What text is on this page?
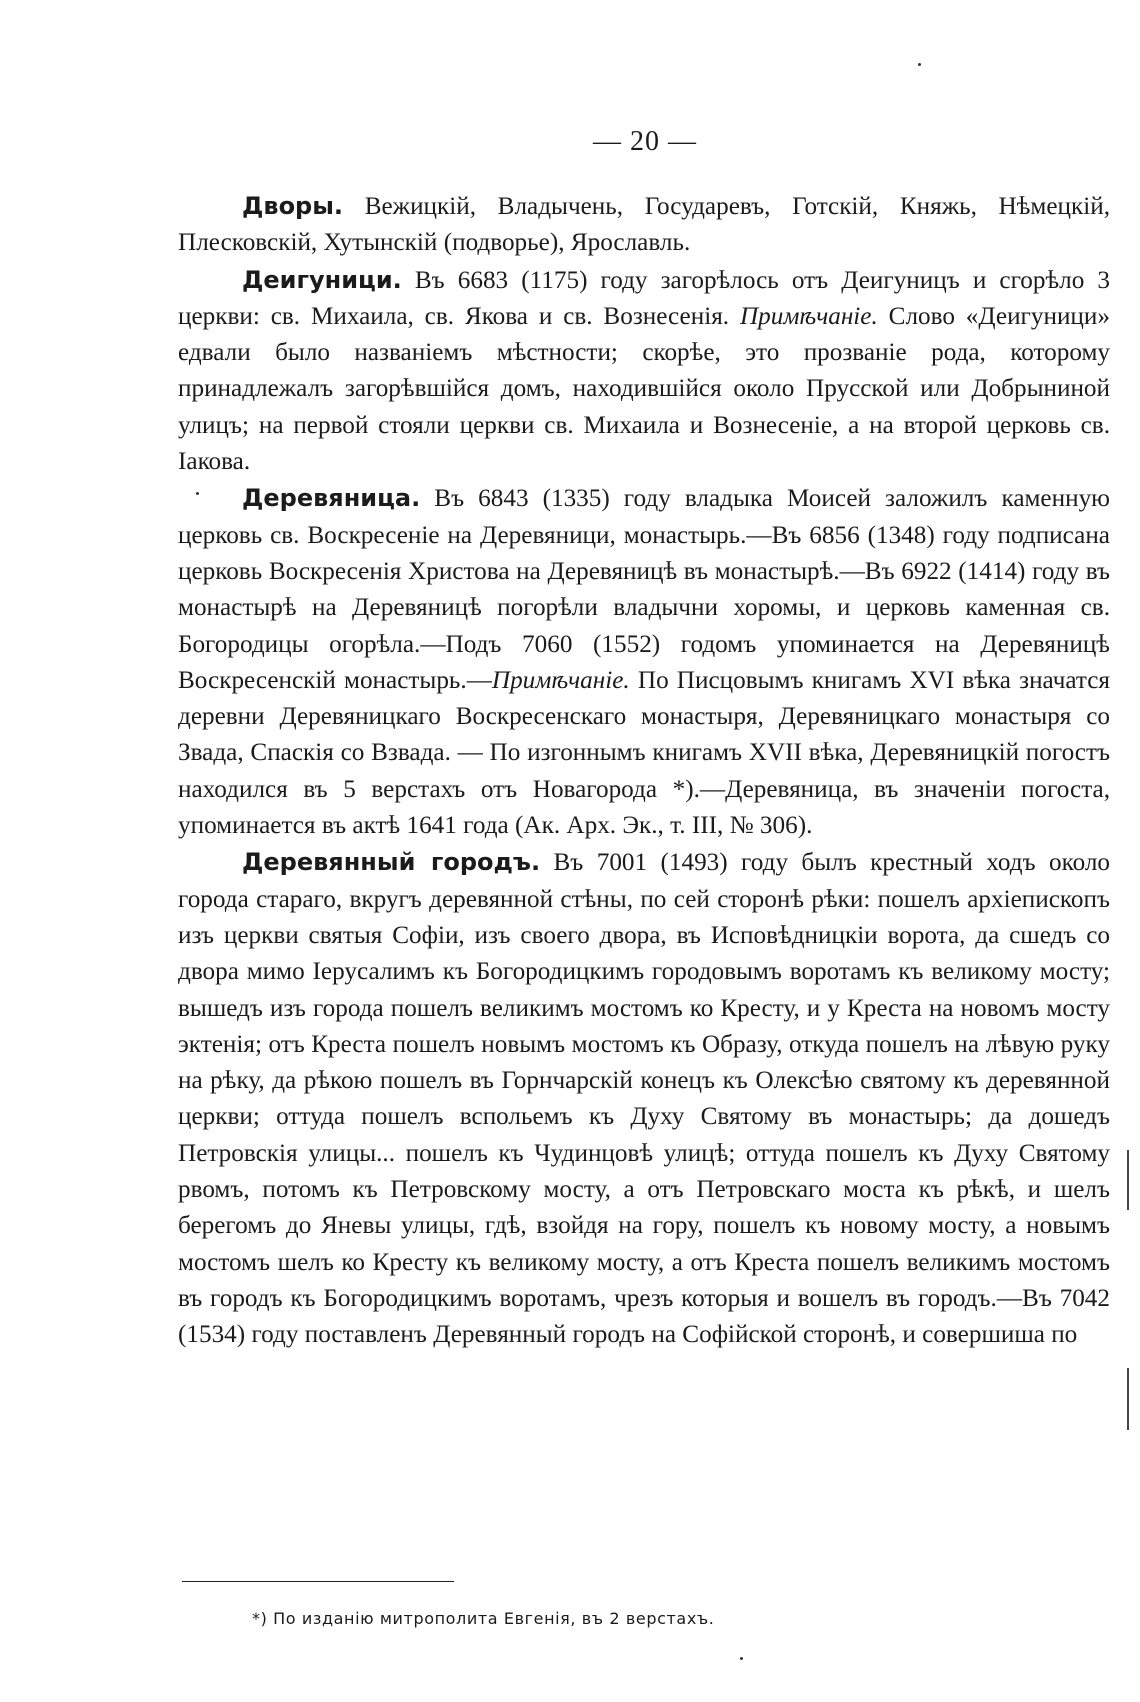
— 20 —

Дворы. Вежицкій, Владычень, Государевъ, Готскій, Княжь, Нѣмецкій, Плесковскій, Хутынскій (подворье), Ярославль.

Деигуници. Въ 6683 (1175) году загорѣлось отъ Деигуницъ и сгорѣло 3 церкви: св. Михаила, св. Якова и св. Вознесенія. Примѣчаніе. Слово «Деигуници» едвали было названіемъ мѣстности; скорѣе, это прозваніе рода, которому принадлежалъ загорѣвшійся домъ, находившійся около Прусской или Добрыниной улицъ; на первой стояли церкви св. Михаила и Вознесеніе, а на второй церковь св. Іакова.

Деревяница. Въ 6843 (1335) году владыка Моисей заложилъ каменную церковь св. Воскресеніе на Деревяници, монастырь.—Въ 6856 (1348) году подписана церковь Воскресенія Христова на Деревяницѣ въ монастырѣ.—Въ 6922 (1414) году въ монастырѣ на Деревяницѣ погорѣли владычни хоромы, и церковь каменная св. Богородицы огорѣла.—Подъ 7060 (1552) годомъ упоминается на Деревяницѣ Воскресенскій монастырь.—Примѣчаніе. По Писцовымъ книгамъ XVI вѣка значатся деревни Деревяницкаго Воскресенскаго монастыря, Деревяницкаго монастыря со Звада, Спаскія со Взвада. — По изгоннымъ книгамъ XVII вѣка, Деревяницкій погостъ находился въ 5 верстахъ отъ Новагорода *).—Деревяница, въ значеніи погоста, упоминается въ актѣ 1641 года (Ак. Арх. Эк., т. III, № 306).

Деревянный городъ. Въ 7001 (1493) году былъ крестный ходъ около города стараго, вкругъ деревянной стѣны, по сей сторонѣ рѣки: пошелъ архіепископъ изъ церкви святыя Софіи, изъ своего двора, въ Исповѣдницкіи ворота, да сшедъ со двора мимо Іерусалимъ къ Богородицкимъ городовымъ воротамъ къ великому мосту; вышедъ изъ города пошелъ великимъ мостомъ ко Кресту, и у Креста на новомъ мосту эктенія; отъ Креста пошелъ новымъ мостомъ къ Образу, откуда пошелъ на лѣвую руку на рѣку, да рѣкою пошелъ въ Горнчарскій конецъ къ Олексѣю святому къ деревянной церкви; оттуда пошелъ вспольемъ къ Духу Святому въ монастырь; да дошедъ Петровскія улицы... пошелъ къ Чудинцовѣ улицѣ; оттуда пошелъ къ Духу Святому рвомъ, потомъ къ Петровскому мосту, а отъ Петровскаго моста къ рѣкѣ, и шелъ берегомъ до Яневы улицы, гдѣ, взойдя на гору, пошелъ къ новому мосту, а новымъ мостомъ шелъ ко Кресту къ великому мосту, а отъ Креста пошелъ великимъ мостомъ въ городъ къ Богородицкимъ воротамъ, чрезъ которыя и вошелъ въ городъ.—Въ 7042 (1534) году поставленъ Деревянный городъ на Софійской сторонѣ, и совершиша по

*) По изданію митрополита Евгенія, въ 2 верстахъ.
